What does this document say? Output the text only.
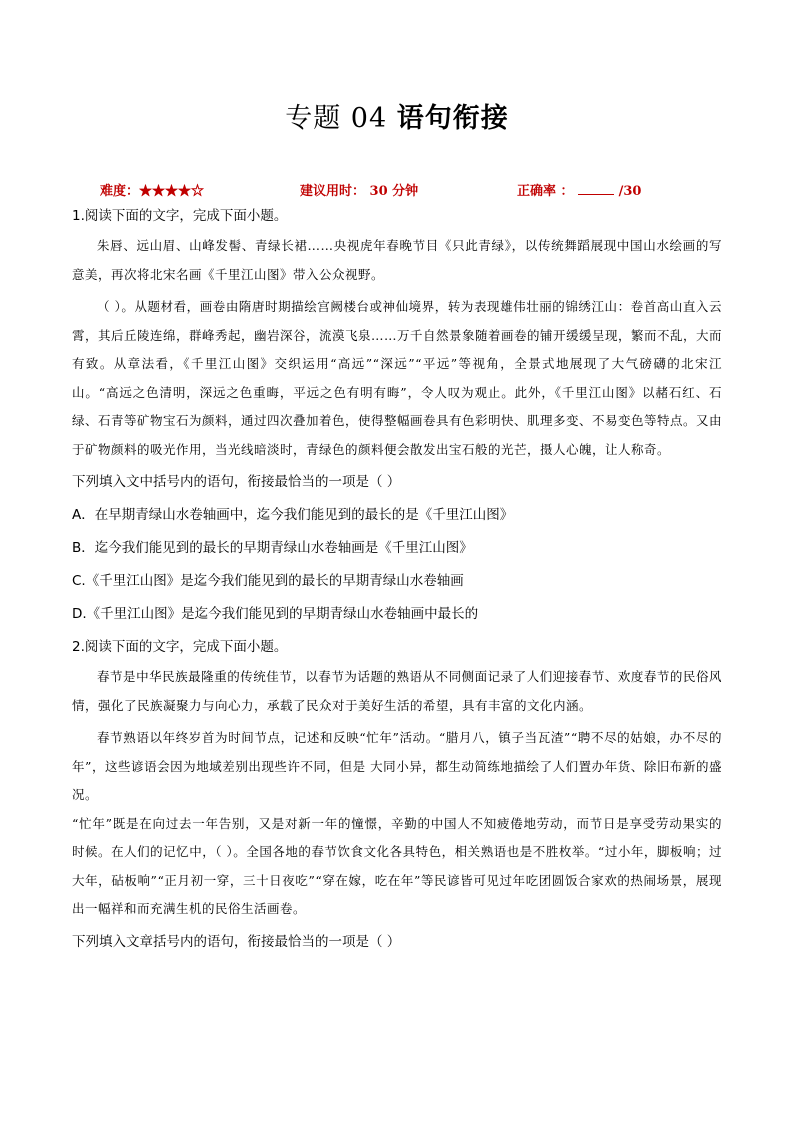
专题 04 语句衔接
难度：★★★★☆	建议用时： 30 分钟	正确率 ：	/30

1.阅读下面的文字，完成下面小题。

朱唇、远山眉、山峰发髻、青绿长裙……央视虎年春晚节目《只此青绿》，以传统舞蹈展现中国山水绘画的写意美，再次将北宋名画《千里江山图》带入公众视野。

（ ）。从题材看，画卷由隋唐时期描绘宫阙楼台或神仙境界，转为表现雄伟壮丽的锦绣江山：卷首高山直入云霄，其后丘陵连绵，群峰秀起，幽岩深谷，流漠飞泉……万千自然景象随着画卷的铺开缓缓呈现，繁而不乱，大而有致。从章法看，《千里江山图》交织运用“高远”“深远”“平远”等视角，全景式地展现了大气磅礴的北宋江山。“高远之色清明，深远之色重晦，平远之色有明有晦”，令人叹为观止。此外，《千里江山图》以赭石红、石绿、石青等矿物宝石为颜料，通过四次叠加着色，使得整幅画卷具有色彩明快、肌理多变、不易变色等特点。又由于矿物颜料的吸光作用，当光线暗淡时，青绿色的颜料便会散发出宝石般的光芒，摄人心魄，让人称奇。

下列填入文中括号内的语句，衔接最恰当的一项是（ ）

A．在早期青绿山水卷轴画中，迄今我们能见到的最长的是《千里江山图》

B．迄今我们能见到的最长的早期青绿山水卷轴画是《千里江山图》

C.《千里江山图》是迄今我们能见到的最长的早期青绿山水卷轴画

D.《千里江山图》是迄今我们能见到的早期青绿山水卷轴画中最长的

2.阅读下面的文字，完成下面小题。

春节是中华民族最隆重的传统佳节，以春节为话题的熟语从不同侧面记录了人们迎接春节、欢度春节的民俗风情，强化了民族凝聚力与向心力，承载了民众对于美好生活的希望，具有丰富的文化内涵。

春节熟语以年终岁首为时间节点，记述和反映“忙年”活动。“腊月八，镇子当瓦渣”“聘不尽的姑娘，办不尽的年”，这些谚语会因为地域差别出现些许不同，但是 大同小异，都生动简练地描绘了人们置办年货、除旧布新的盛况。

“忙年”既是在向过去一年告别，又是对新一年的憧憬，辛勤的中国人不知疲倦地劳动，而节日是享受劳动果实的时候。在人们的记忆中，（ ）。全国各地的春节饮食文化各具特色，相关熟语也是不胜枚举。“过小年，脚板响；过大年，砧板响”“正月初一穿，三十日夜吃”“穿在嫁，吃在年”等民谚皆可见过年吃团圆饭合家欢的热闹场景，展现出一幅祥和而充满生机的民俗生活画卷。

下列填入文章括号内的语句，衔接最恰当的一项是（ ）
